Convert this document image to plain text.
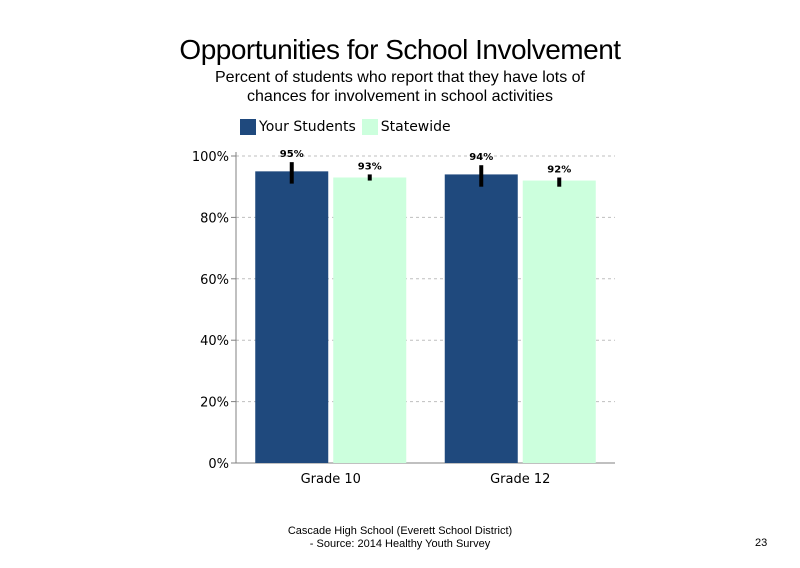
Opportunities for School Involvement
Percent of students who report that they have lots of chances for involvement in school activities
Your Students Statewide
0%
20%
40%
60%
80%
100%	95%
93%
Grade 10
94%
92%
Grade 12
Cascade High School (Everett School District)
- Source: 2014 Healthy Youth Survey	23
